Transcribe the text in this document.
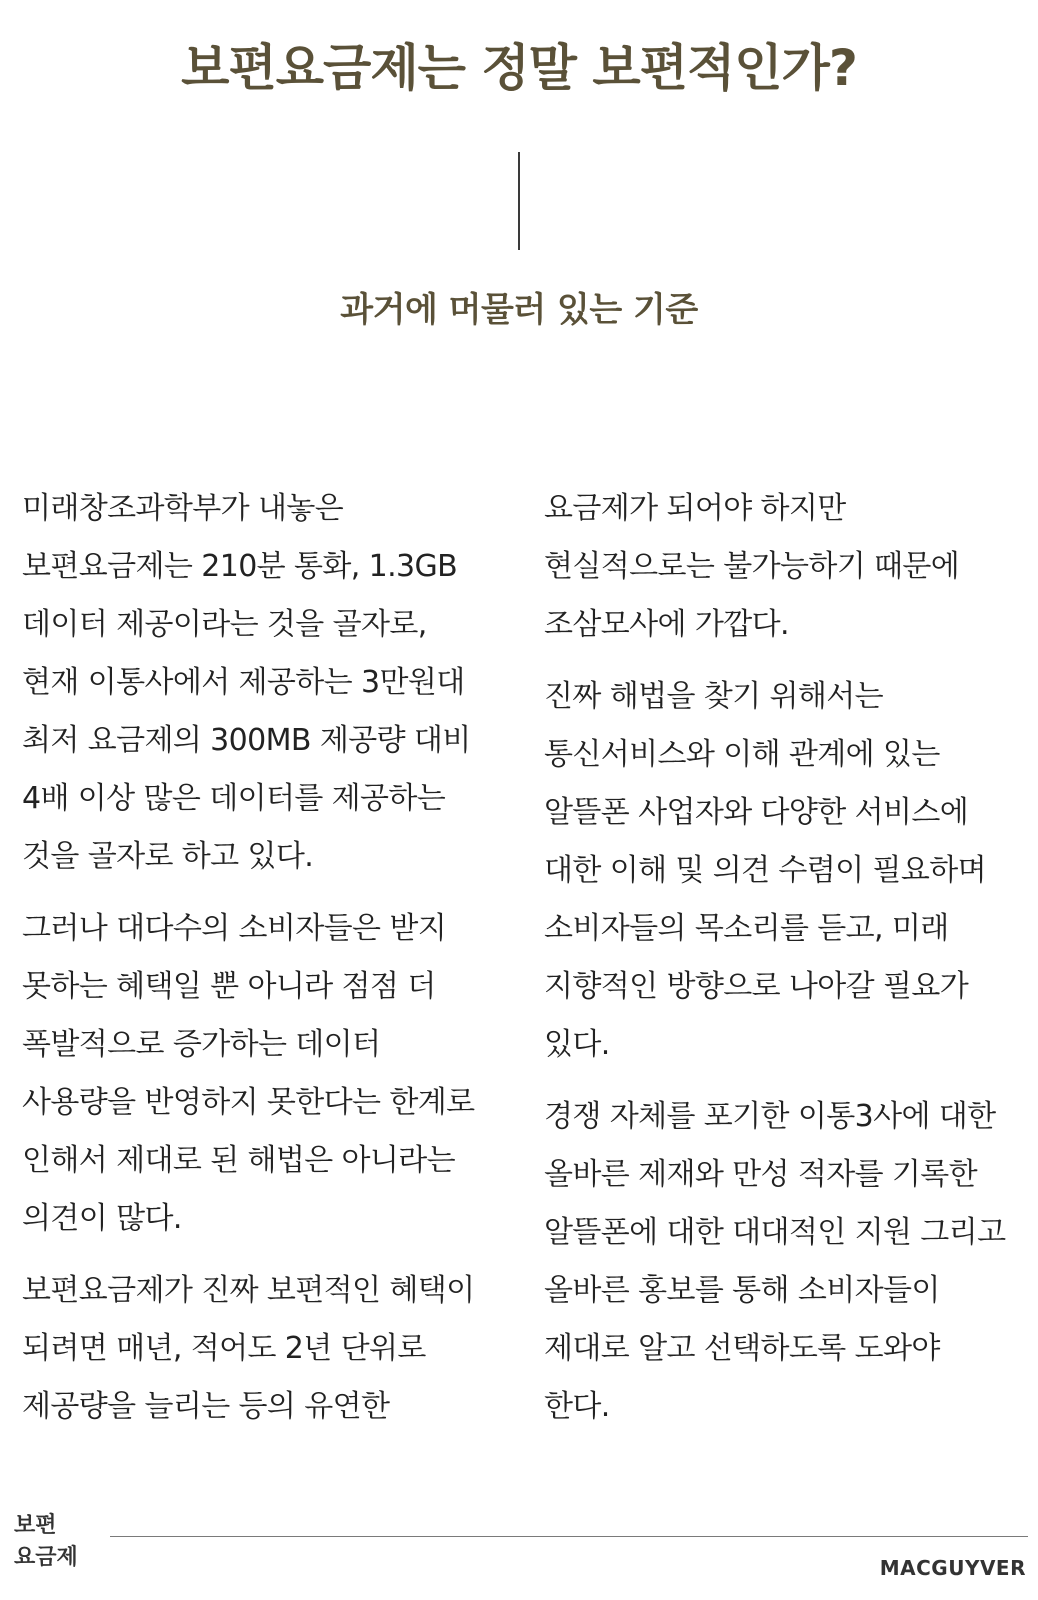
보편요금제는 정말 보편적인가?
과거에 머물러 있는 기준

미래창조과학부가 내놓은 보편요금제는 210분 통화, 1.3GB 데이터 제공이라는 것을 골자로, 현재 이통사에서 제공하는 3만원대 최저 요금제의 300MB 제공량 대비 4배 이상 많은 데이터를 제공하는 것을 골자로 하고 있다.

그러나 대다수의 소비자들은 받지 못하는 혜택일 뿐 아니라 점점 더 폭발적으로 증가하는 데이터 사용량을 반영하지 못한다는 한계로 인해서 제대로 된 해법은 아니라는 의견이 많다.

보편요금제가 진짜 보편적인 혜택이 되려면 매년, 적어도 2년 단위로 제공량을 늘리는 등의 유연한

요금제가 되어야 하지만 현실적으로는 불가능하기 때문에 조삼모사에 가깝다.

진짜 해법을 찾기 위해서는 통신서비스와 이해 관계에 있는 알뜰폰 사업자와 다양한 서비스에 대한 이해 및 의견 수렴이 필요하며 소비자들의 목소리를 듣고, 미래 지향적인 방향으로 나아갈 필요가 있다.

경쟁 자체를 포기한 이통3사에 대한 올바른 제재와 만성 적자를 기록한 알뜰폰에 대한 대대적인 지원 그리고 올바른 홍보를 통해 소비자들이 제대로 알고 선택하도록 도와야 한다.

보편
요금제	MACGUYVER
